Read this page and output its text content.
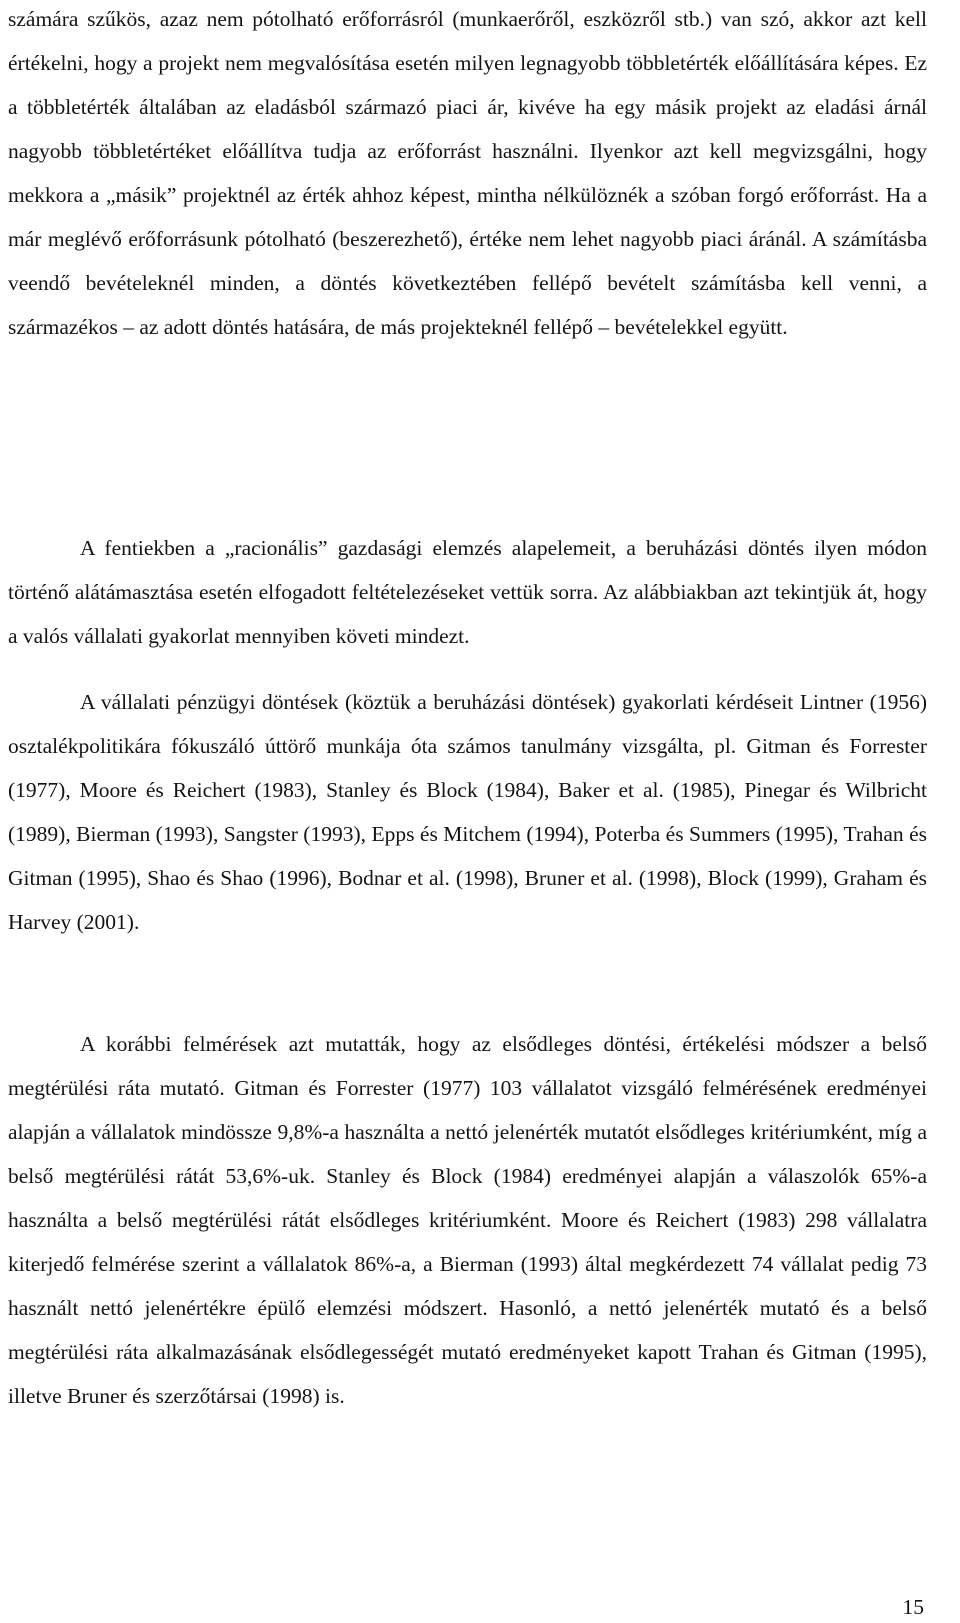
számára szűkös, azaz nem pótolható erőforrásról (munkaerőről, eszközről stb.) van szó, akkor azt kell értékelni, hogy a projekt nem megvalósítása esetén milyen legnagyobb többletérték előállítására képes. Ez a többletérték általában az eladásból származó piaci ár, kivéve ha egy másik projekt az eladási árnál nagyobb többletértéket előállítva tudja az erőforrást használni. Ilyenkor azt kell megvizsgálni, hogy mekkora a „másik” projektnél az érték ahhoz képest, mintha nélkülöznék a szóban forgó erőforrást. Ha a már meglévő erőforrásunk pótolható (beszerezhető), értéke nem lehet nagyobb piaci áránál. A számításba veendő bevételeknél minden, a döntés következtében fellépő bevételt számításba kell venni, a származékos – az adott döntés hatására, de más projekteknél fellépő – bevételekkel együtt.

A fentiekben a „racionális” gazdasági elemzés alapelemeit, a beruházási döntés ilyen módon történő alátámasztása esetén elfogadott feltételezéseket vettük sorra. Az alábbiakban azt tekintjük át, hogy a valós vállalati gyakorlat mennyiben követi mindezt.

A vállalati pénzügyi döntések (köztük a beruházási döntések) gyakorlati kérdéseit Lintner (1956) osztalékpolitikára fókuszáló úttörő munkája óta számos tanulmány vizsgálta, pl. Gitman és Forrester (1977), Moore és Reichert (1983), Stanley és Block (1984), Baker et al. (1985), Pinegar és Wilbricht (1989), Bierman (1993), Sangster (1993), Epps és Mitchem (1994), Poterba és Summers (1995), Trahan és Gitman (1995), Shao és Shao (1996), Bodnar et al. (1998), Bruner et al. (1998), Block (1999), Graham és Harvey (2001).

A korábbi felmérések azt mutatták, hogy az elsődleges döntési, értékelési módszer a belső megtérülési ráta mutató. Gitman és Forrester (1977) 103 vállalatot vizsgáló felmérésének eredményei alapján a vállalatok mindössze 9,8%-a használta a nettó jelenérték mutatót elsődleges kritériumként, míg a belső megtérülési rátát 53,6%-uk. Stanley és Block (1984) eredményei alapján a válaszolók 65%-a használta a belső megtérülési rátát elsődleges kritériumként. Moore és Reichert (1983) 298 vállalatra kiterjedő felmérése szerint a vállalatok 86%-a, a Bierman (1993) által megkérdezett 74 vállalat pedig 73 használt nettó jelenértékre épülő elemzési módszert. Hasonló, a nettó jelenérték mutató és a belső megtérülési ráta alkalmazásának elsődlegességét mutató eredményeket kapott Trahan és Gitman (1995), illetve Bruner és szerzőtársai (1998) is.

15
